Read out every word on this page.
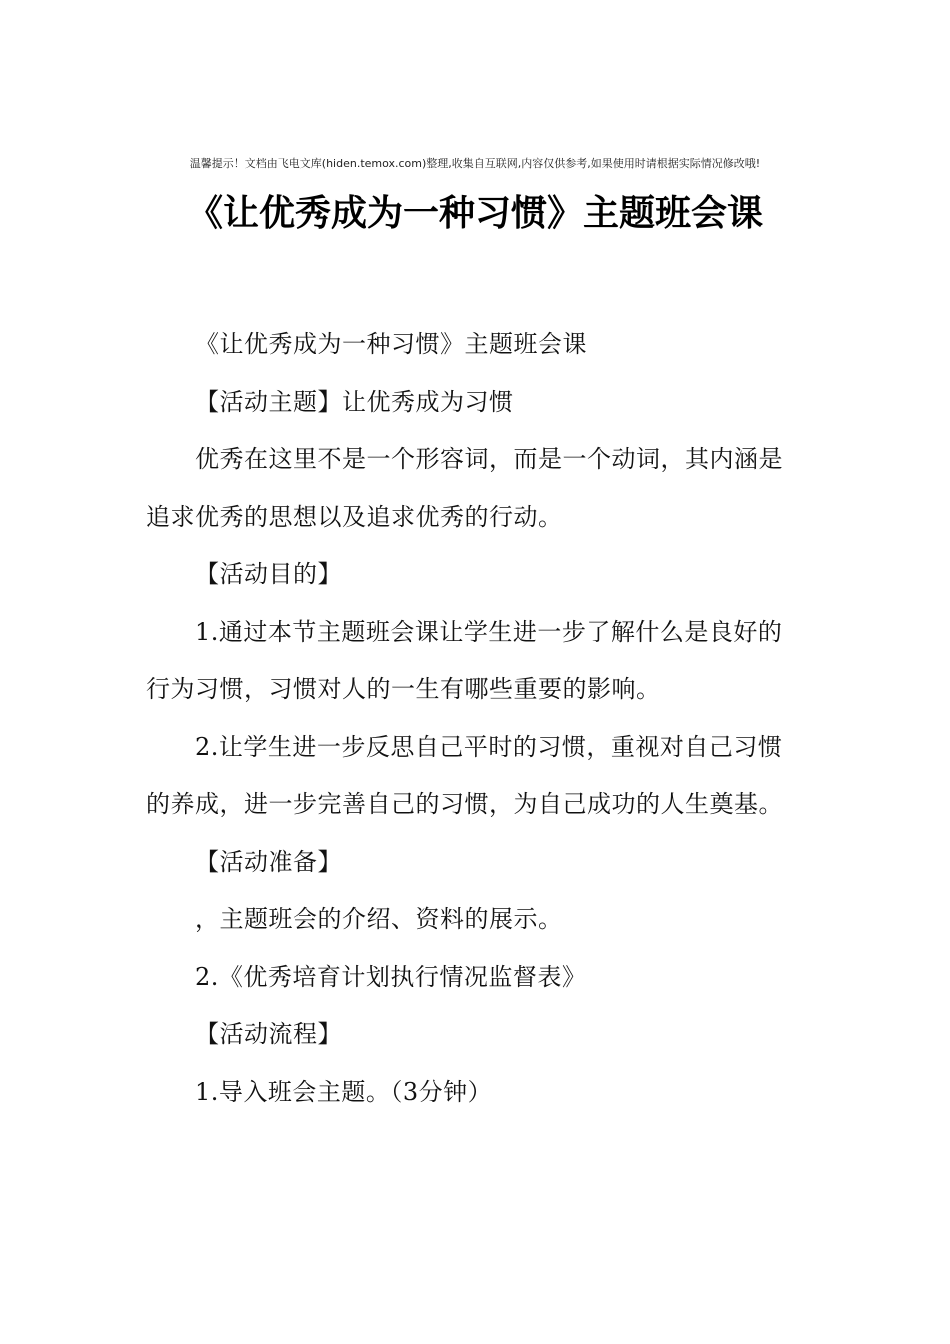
温馨提示！文档由飞电文库(hiden.temox.com)整理,收集自互联网,内容仅供参考,如果使用时请根据实际情况修改哦!
《让优秀成为一种习惯》主题班会课

《让优秀成为一种习惯》主题班会课

【活动主题】让优秀成为习惯

优秀在这里不是一个形容词，而是一个动词，其内涵是追求优秀的思想以及追求优秀的行动。

【活动目的】

1.通过本节主题班会课让学生进一步了解什么是良好的行为习惯，习惯对人的一生有哪些重要的影响。

2.让学生进一步反思自己平时的习惯，重视对自己习惯的养成，进一步完善自己的习惯，为自己成功的人生奠基。

【活动准备】

，主题班会的介绍、资料的展示。

2.《优秀培育计划执行情况监督表》

【活动流程】

1.导入班会主题。（3分钟）
